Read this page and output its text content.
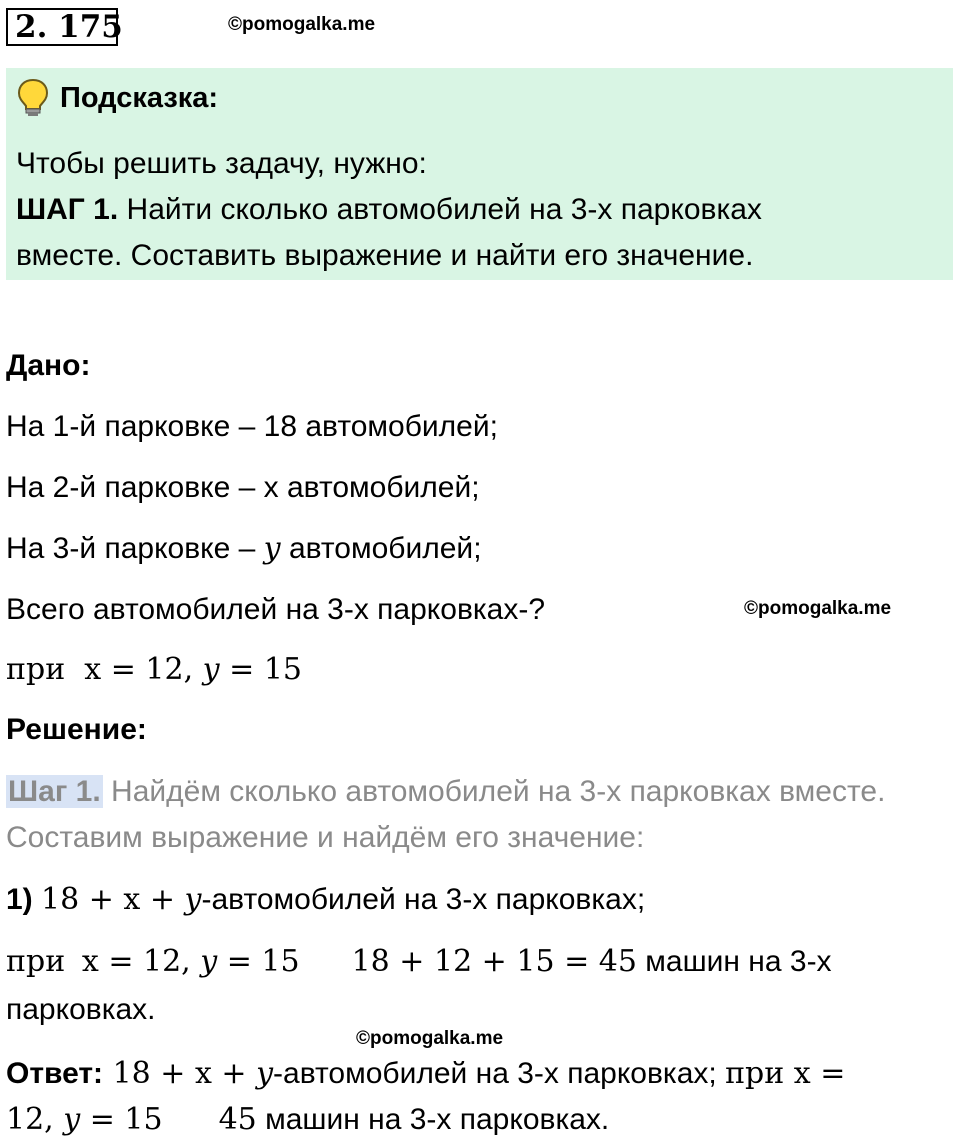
2. 175	©pomogalka.me
Подсказка:
Чтобы решить задачу, нужно:
ШАГ 1. Найти сколько автомобилей на 3-х парковках
вместе. Составить выражение и найти его значение.
Дано:
На 1-й парковке – 18 автомобилей;
На 2-й парковке – х автомобилей;
На 3-й парковке – y автомобилей;
Всего автомобилей на 3-х парковках-?	©pomogalka.me
при х = 12, y = 15
Решение:
Шаг 1. Найдём сколько автомобилей на 3-х парковках вместе.
Составим выражение и найдём его значение:
1) 18 + х + y-автомобилей на 3-х парковках;
при х = 12, y = 15 18 + 12 + 15 = 45 машин на 3-х
парковках.
©pomogalka.me
Ответ: 18 + х + y-автомобилей на 3-х парковках; при х =
12, y = 15 45 машин на 3-х парковках.
